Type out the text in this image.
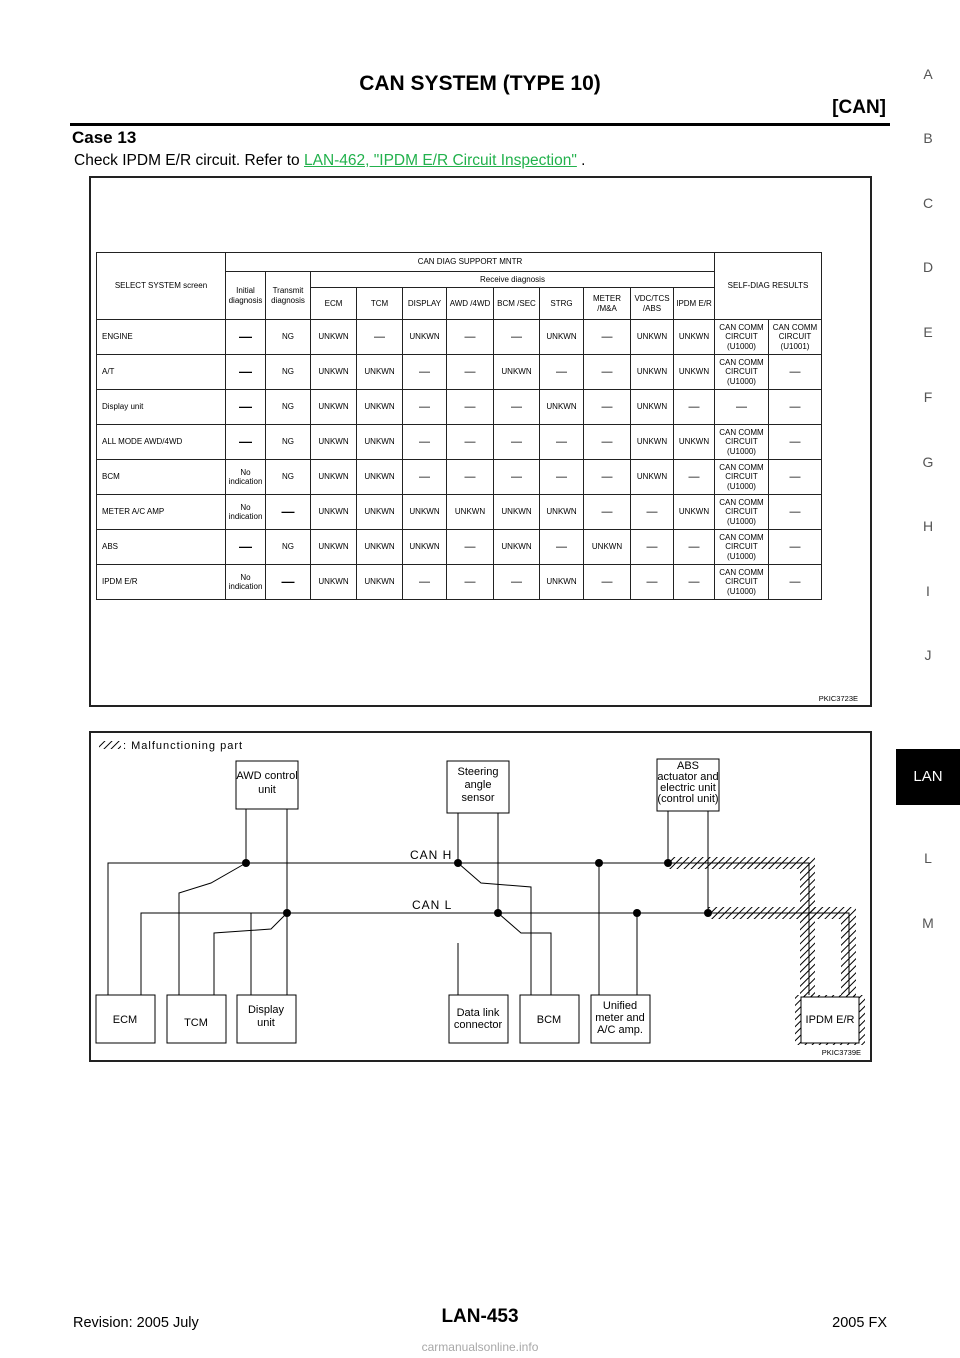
CAN SYSTEM (TYPE 10)
[CAN]
Case 13
Check IPDM E/R circuit. Refer to LAN-462, "IPDM E/R Circuit Inspection" .
A
B
C
D
E
F
G
H
I
J
LAN
L
M
SELECT SYSTEM screen	CAN DIAG SUPPORT MNTR											SELF-DIAG RESULTS	
	Initial diagnosis	Transmit diagnosis	Receive diagnosis										
			ECM	TCM	DISPLAY	AWD /4WD	BCM /SEC	STRG	METER /M&A	VDC/TCS /ABS	IPDM E/R		
ENGINE	—	NG	UNKWN	—	UNKWN	—	—	UNKWN	—	UNKWN	UNKWN	CAN COMM CIRCUIT (U1000)	CAN COMM CIRCUIT (U1001)
A/T	—	NG	UNKWN	UNKWN	—	—	UNKWN	—	—	UNKWN	UNKWN	CAN COMM CIRCUIT (U1000)	—
Display unit	—	NG	UNKWN	UNKWN	—	—	—	UNKWN	—	UNKWN	—	—	—
ALL MODE AWD/4WD	—	NG	UNKWN	UNKWN	—	—	—	—	—	UNKWN	UNKWN	CAN COMM CIRCUIT (U1000)	—
BCM	No indication	NG	UNKWN	UNKWN	—	—	—	—	—	UNKWN	—	CAN COMM CIRCUIT (U1000)	—
METER A/C AMP	No indication	—	UNKWN	UNKWN	UNKWN	UNKWN	UNKWN	UNKWN	—	—	UNKWN	CAN COMM CIRCUIT (U1000)	—
ABS	—	NG	UNKWN	UNKWN	UNKWN	—	UNKWN	—	UNKWN	—	—	CAN COMM CIRCUIT (U1000)	—
IPDM E/R	No indication	—	UNKWN	UNKWN	—	—	—	UNKWN	—	—	—	CAN COMM CIRCUIT (U1000)	—
PKIC3723E
: Malfunctioning part
CAN H
CAN L
AWD control
unit
Steering
angle
sensor
ABS
actuator and
electric unit
(control unit)
ECM	TCM
Display
unit
Data link
connector	BCM
Unified
meter and
A/C amp.
IPDM E/R
PKIC3739E
Revision: 2005 July	LAN-453	2005 FX
carmanualsonline.info
